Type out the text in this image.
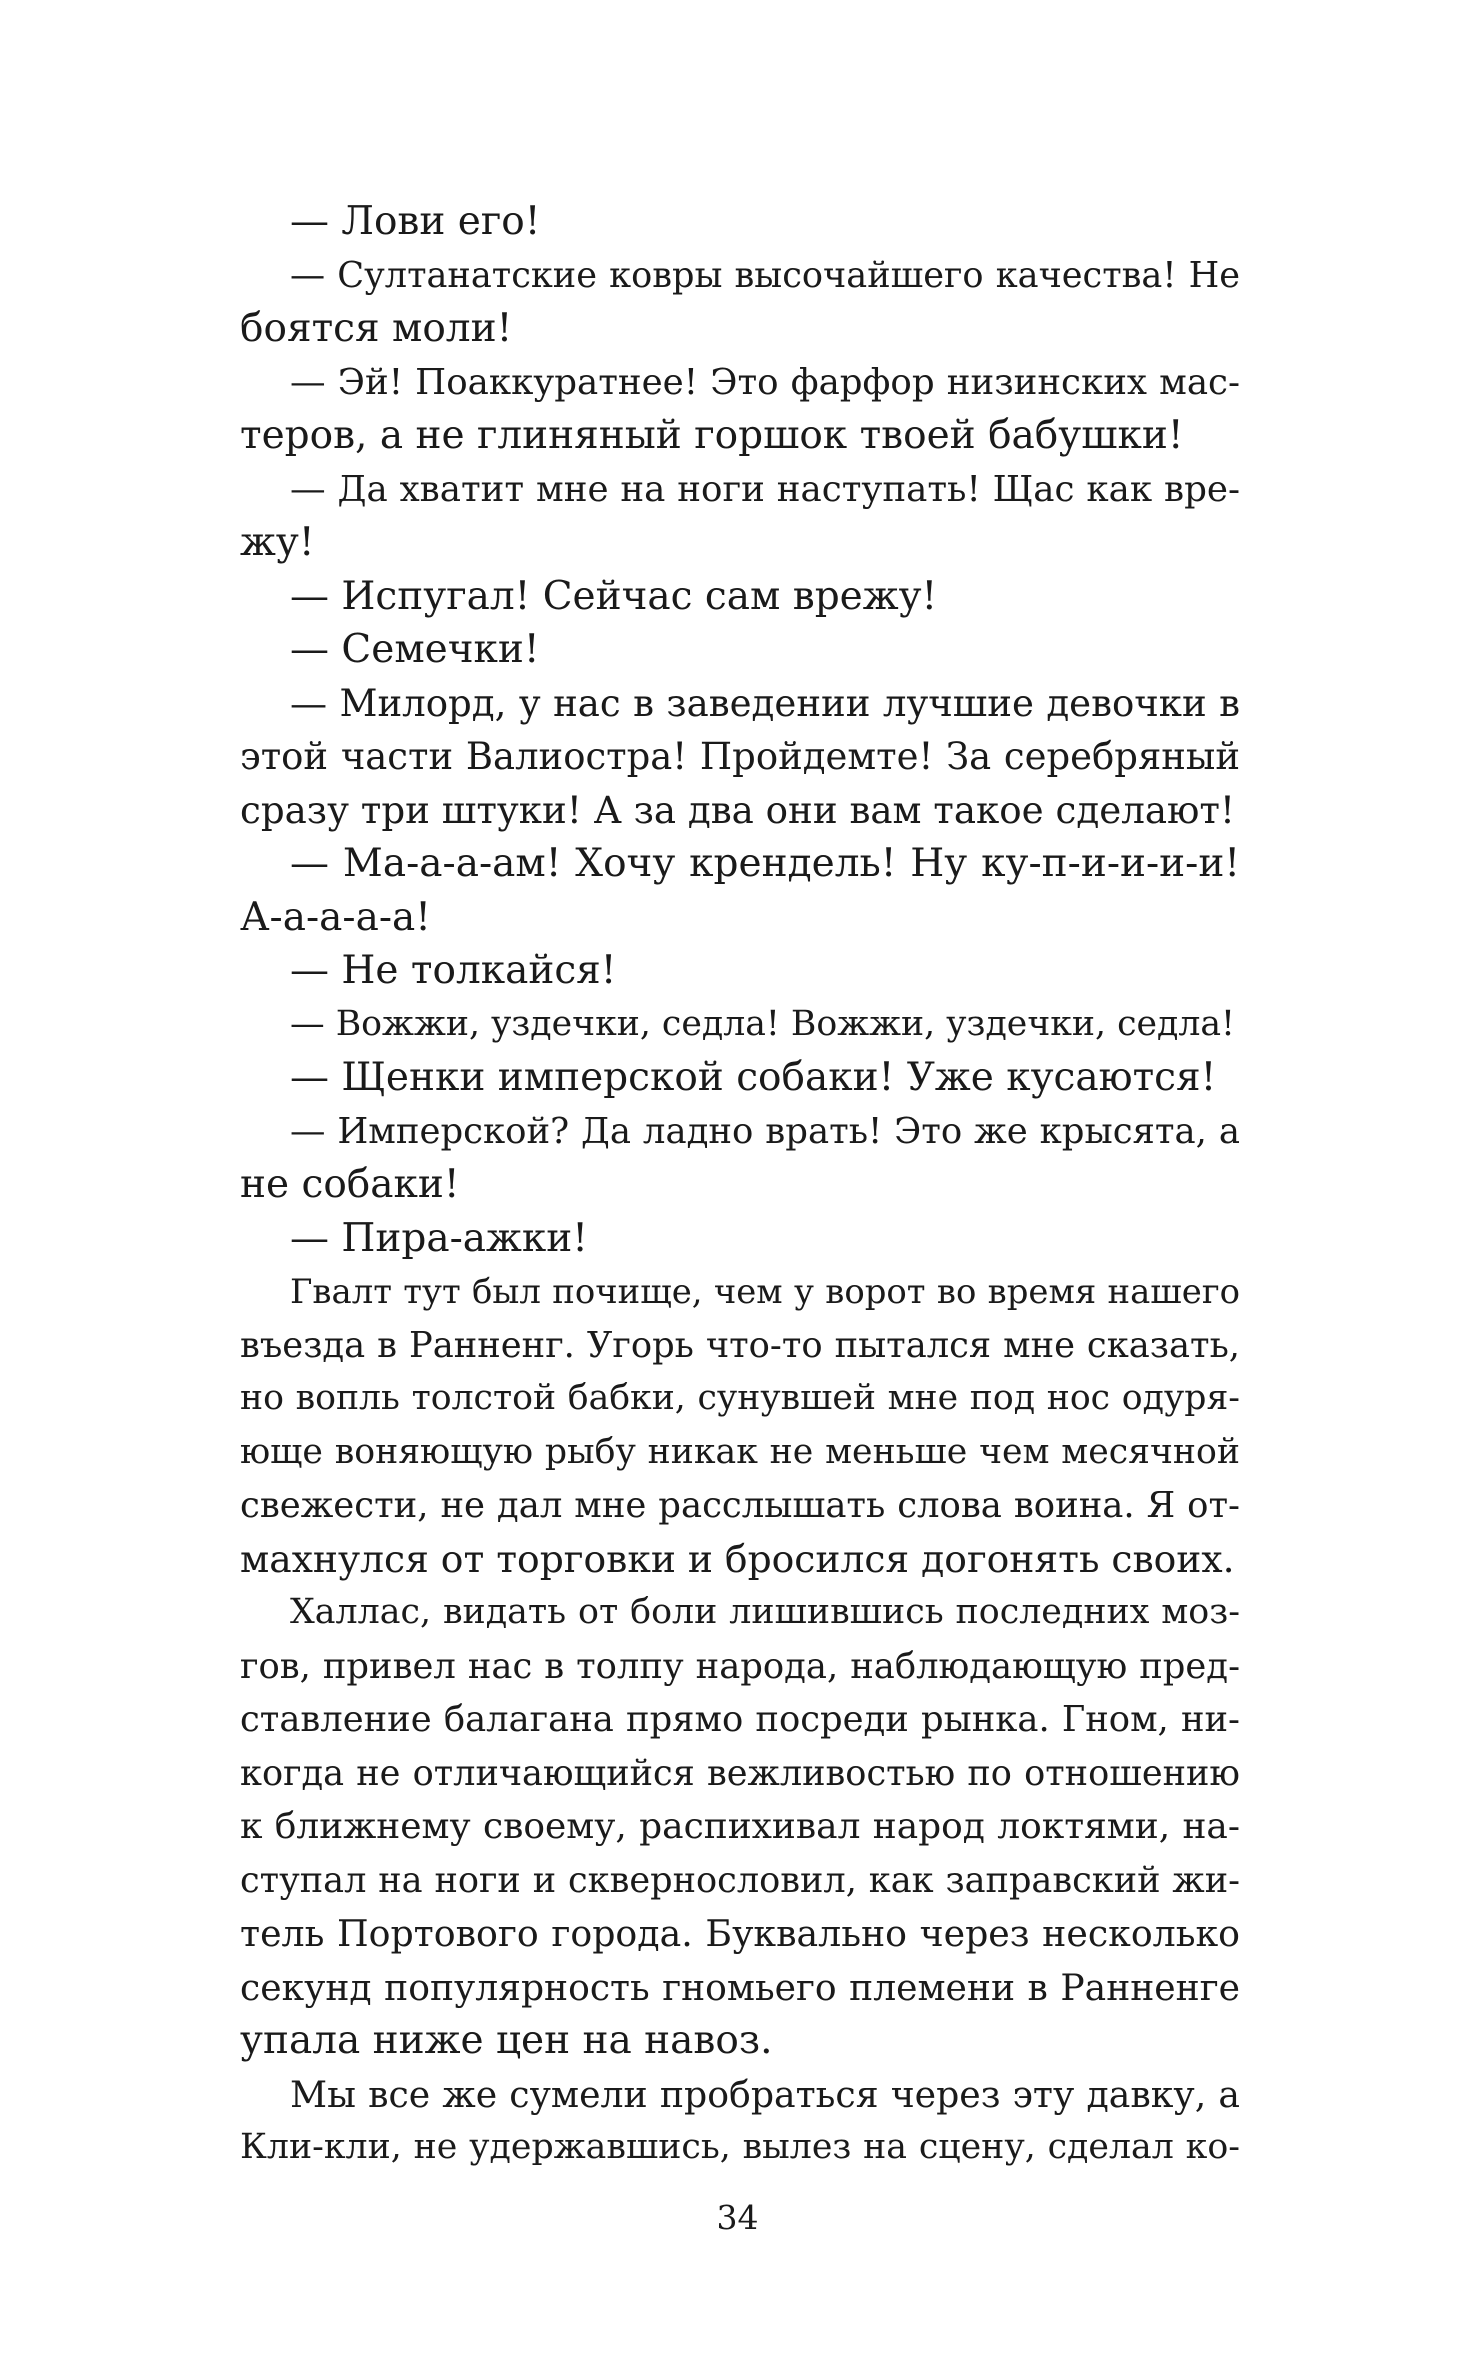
— Лови его!
— Султанатские ковры высочайшего качества! Не
боятся моли!
— Эй! Поаккуратнее! Это фарфор низинских мас-
теров, а не глиняный горшок твоей бабушки!
— Да хватит мне на ноги наступать! Щас как вре-
жу!
— Испугал! Сейчас сам врежу!
— Семечки!
— Милорд, у нас в заведении лучшие девочки в
этой части Валиостра! Пройдемте! За серебряный
сразу три штуки! А за два они вам такое сделают!
— Ма-а-а-ам! Хочу крендель! Ну ку-п-и-и-и-и!
А-а-а-а-а!
— Не толкайся!
— Вожжи, уздечки, седла! Вожжи, уздечки, седла!
— Щенки имперской собаки! Уже кусаются!
— Имперской? Да ладно врать! Это же крысята, а
не собаки!
— Пира-ажки!
Гвалт тут был почище, чем у ворот во время нашего
въезда в Ранненг. Угорь что-то пытался мне сказать,
но вопль толстой бабки, сунувшей мне под нос одуря-
юще воняющую рыбу никак не меньше чем месячной
свежести, не дал мне расслышать слова воина. Я от-
махнулся от торговки и бросился догонять своих.
Халлас, видать от боли лишившись последних моз-
гов, привел нас в толпу народа, наблюдающую пред-
ставление балагана прямо посреди рынка. Гном, ни-
когда не отличающийся вежливостью по отношению
к ближнему своему, распихивал народ локтями, на-
ступал на ноги и сквернословил, как заправский жи-
тель Портового города. Буквально через несколько
секунд популярность гномьего племени в Ранненге
упала ниже цен на навоз.
Мы все же сумели пробраться через эту давку, а
Кли-кли, не удержавшись, вылез на сцену, сделал ко-
34
